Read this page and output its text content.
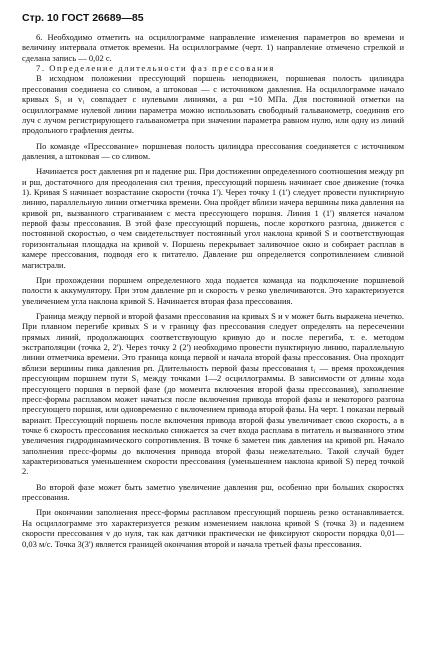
Стр. 10 ГОСТ 26689—85

6. Необходимо отметить на осциллограмме направление изменения параметров во времени и величину интервала отметок времени. На осциллограмме (черт. 1) направление отмечено стрелкой и сделана запись — 0,02 с.

7. Определение длительности фаз прессования

В исходном положении прессующий поршень неподвижен, поршневая полость цилиндра прессования соединена со сливом, а штоковая — с источником давления. На осциллограмме начало кривых S₁ и v₁ совпадает с нулевыми линиями, а pш =10 МПа. Для постоянной отметки на осциллограмме нулевой линии параметра можно использовать свободный гальванометр, соединив его луч с лучом регистрирующего гальванометра при значении параметра равном нулю, или одну из линий продольного графления денты.

По команде «Прессование» поршневая полость цилиндра прессования соединяется с источником давления, а штоковая — со сливом.

Начинается рост давления pп и падение pш. При достижении определенного соотношения между pп и pш, достаточного для преодоления сил трения, прессующий поршень начинает свое движение (точка 1). Кривая S начинает возрастание скорости (точка 1'). Через точку 1 (1') следует провести пунктирную линию, параллельную линии отметчика времени. Она пройдет вблизи начера вершины пика давления на кривой pп, вызванного страгиванием с места прессующего поршня. Линия 1 (1') является началом первой фазы прессования. В этой фазе прессующий поршень, после короткого разгона, движется с постоянной скоростью, о чем свидетельствует постоянный угол наклона кривой S и соответствующая горизонтальная площадка на кривой v. Поршень перекрывает заливочное окно и собирает расплав в камере прессования, подводя его к питателю. Давление pш определяется сопротивлением сливной магистрали.

При прохождении поршнем определенного хода подается команда на подключение поршневой полости к аккумулятору. При этом давление pп и скорость v резко увеличиваются. Это характеризуется увеличением угла наклона кривой S. Начинается вторая фаза прессования.

Граница между первой и второй фазами прессования на кривых S и v может быть выражена нечетко. При плавном перегибе кривых S и v границу фаз прессования следует определять на пересечении прямых линий, продолжающих соответствующую кривую до и после перегиба, т. е. методом экстраполяции (точка 2, 2'). Через точку 2 (2') необходимо провести пунктирную линию, параллельную линии отметчика времени. Это граница конца первой и начала второй фазы прессования. Она проходит вблизи вершины пика давления pп. Длительность первой фазы прессования t₁ — время прохождения прессующим поршнем пути S₁ между точками 1—2 осциллограммы. В зависимости от длины хода прессующего поршня в первой фазе (до момента включения второй фазы прессования), заполнение пресс-формы расплавом может начаться после включения привода второй фазы и некоторого разгона прессующего поршня, или одновременно с включением привода второй фазы. На черт. 1 показан первый вариант. Прессующий поршень после включения привода второй фазы увеличивает свою скорость, а в точке 6 скорость прессования несколько снижается за счет входа расплава в питатель и вызванного этим увеличения гидродинамического сопротивления. В точке 6 заметен пик давления на кривой pп. Начало заполнения пресс-формы до включения привода второй фазы нежелательно. Такой случай будет характеризоваться уменьшением скорости прессования (уменьшением наклона кривой S) перед точкой 2.

Во второй фазе может быть заметно увеличение давления pш, особенно при больших скоростях прессования.

При окончании заполнения пресс-формы расплавом прессующий поршень резко останавливается. На осциллограмме это характеризуется резким изменением наклона кривой S (точка 3) и падением скорости прессования v до нуля, так как датчики практически не фиксируют скорости порядка 0,01—0,03 м/с. Точка 3(3') является границей окончания второй и начала третьей фазы прессования.
